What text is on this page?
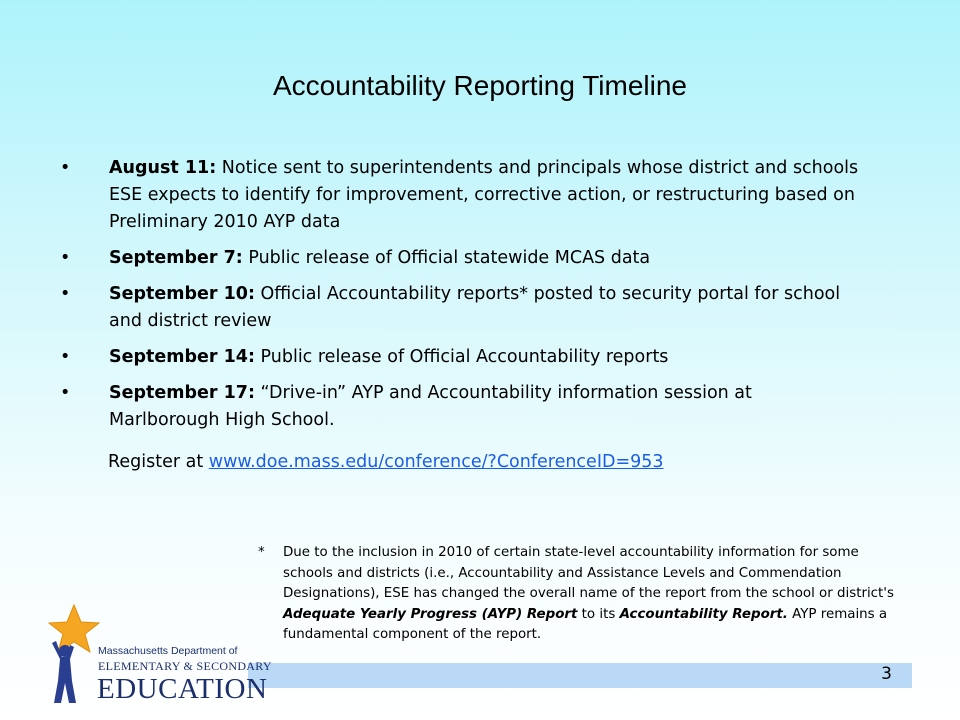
Accountability Reporting Timeline
• August 11: Notice sent to superintendents and principals whose district and schools ESE expects to identify for improvement, corrective action, or restructuring based on Preliminary 2010 AYP data
• September 7: Public release of Official statewide MCAS data
• September 10: Official Accountability reports* posted to security portal for school and district review
• September 14: Public release of Official Accountability reports
• September 17: “Drive-in” AYP and Accountability information session at Marlborough High School.
Register at www.doe.mass.edu/conference/?ConferenceID=953
*	Due to the inclusion in 2010 of certain state-level accountability information for some schools and districts (i.e., Accountability and Assistance Levels and Commendation Designations), ESE has changed the overall name of the report from the school or district's Adequate Yearly Progress (AYP) Report to its Accountability Report. AYP remains a fundamental component of the report.
3
Massachusetts Department of
ELEMENTARY & SECONDARY
EDUCATION
